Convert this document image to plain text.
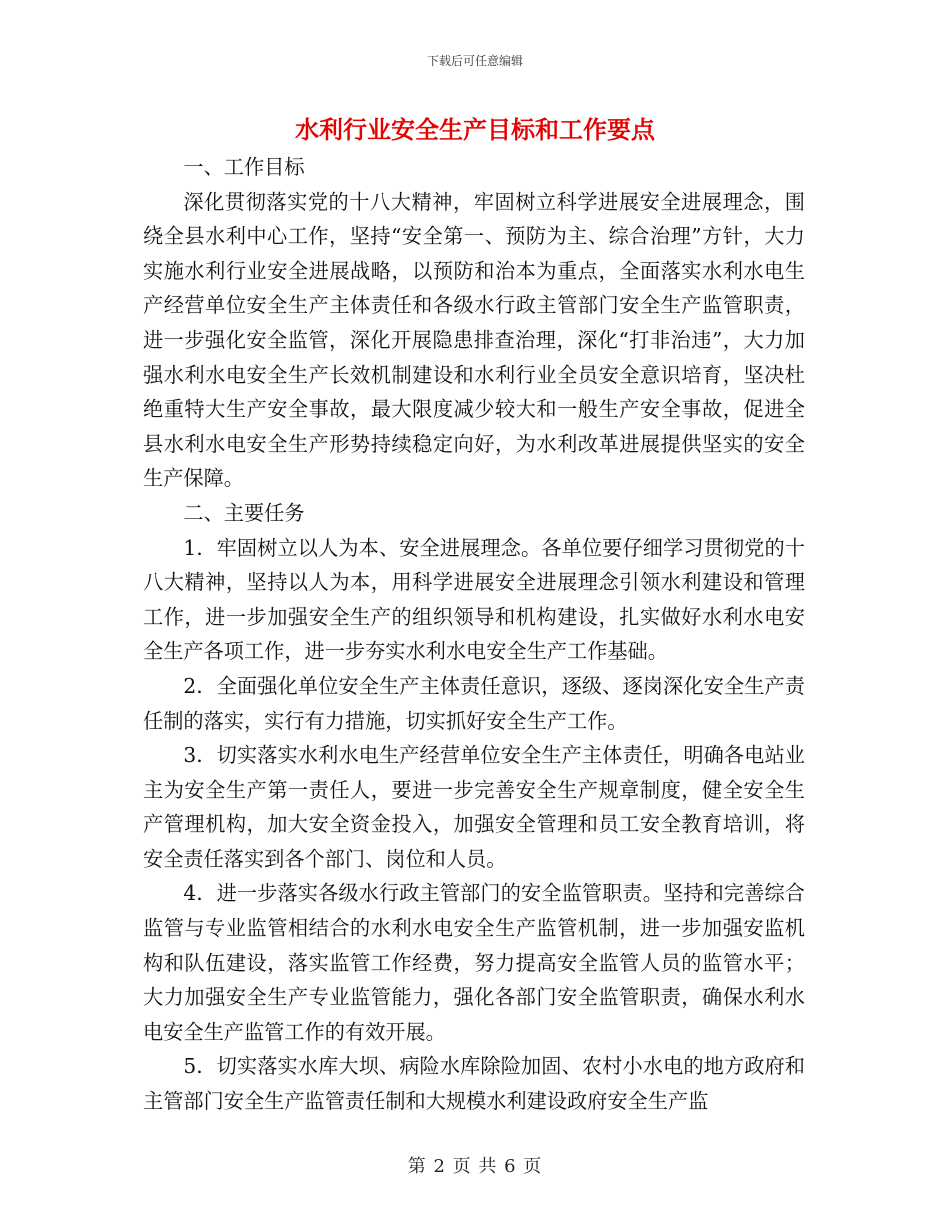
下载后可任意编辑
水利行业安全生产目标和工作要点

一、工作目标

深化贯彻落实党的十八大精神，牢固树立科学进展安全进展理念，围绕全县水利中心工作，坚持“安全第一、预防为主、综合治理”方针，大力实施水利行业安全进展战略，以预防和治本为重点，全面落实水利水电生产经营单位安全生产主体责任和各级水行政主管部门安全生产监管职责，进一步强化安全监管，深化开展隐患排查治理，深化“打非治违”，大力加强水利水电安全生产长效机制建设和水利行业全员安全意识培育，坚决杜绝重特大生产安全事故，最大限度减少较大和一般生产安全事故，促进全县水利水电安全生产形势持续稳定向好，为水利改革进展提供坚实的安全生产保障。

二、主要任务

1．牢固树立以人为本、安全进展理念。各单位要仔细学习贯彻党的十八大精神，坚持以人为本，用科学进展安全进展理念引领水利建设和管理工作，进一步加强安全生产的组织领导和机构建设，扎实做好水利水电安全生产各项工作，进一步夯实水利水电安全生产工作基础。

2．全面强化单位安全生产主体责任意识，逐级、逐岗深化安全生产责任制的落实，实行有力措施，切实抓好安全生产工作。

3．切实落实水利水电生产经营单位安全生产主体责任，明确各电站业主为安全生产第一责任人，要进一步完善安全生产规章制度，健全安全生产管理机构，加大安全资金投入，加强安全管理和员工安全教育培训，将安全责任落实到各个部门、岗位和人员。

4．进一步落实各级水行政主管部门的安全监管职责。坚持和完善综合监管与专业监管相结合的水利水电安全生产监管机制，进一步加强安监机构和队伍建设，落实监管工作经费，努力提高安全监管人员的监管水平；大力加强安全生产专业监管能力，强化各部门安全监管职责，确保水利水电安全生产监管工作的有效开展。

5．切实落实水库大坝、病险水库除险加固、农村小水电的地方政府和主管部门安全生产监管责任制和大规模水利建设政府安全生产监

第 2 页 共 6 页
